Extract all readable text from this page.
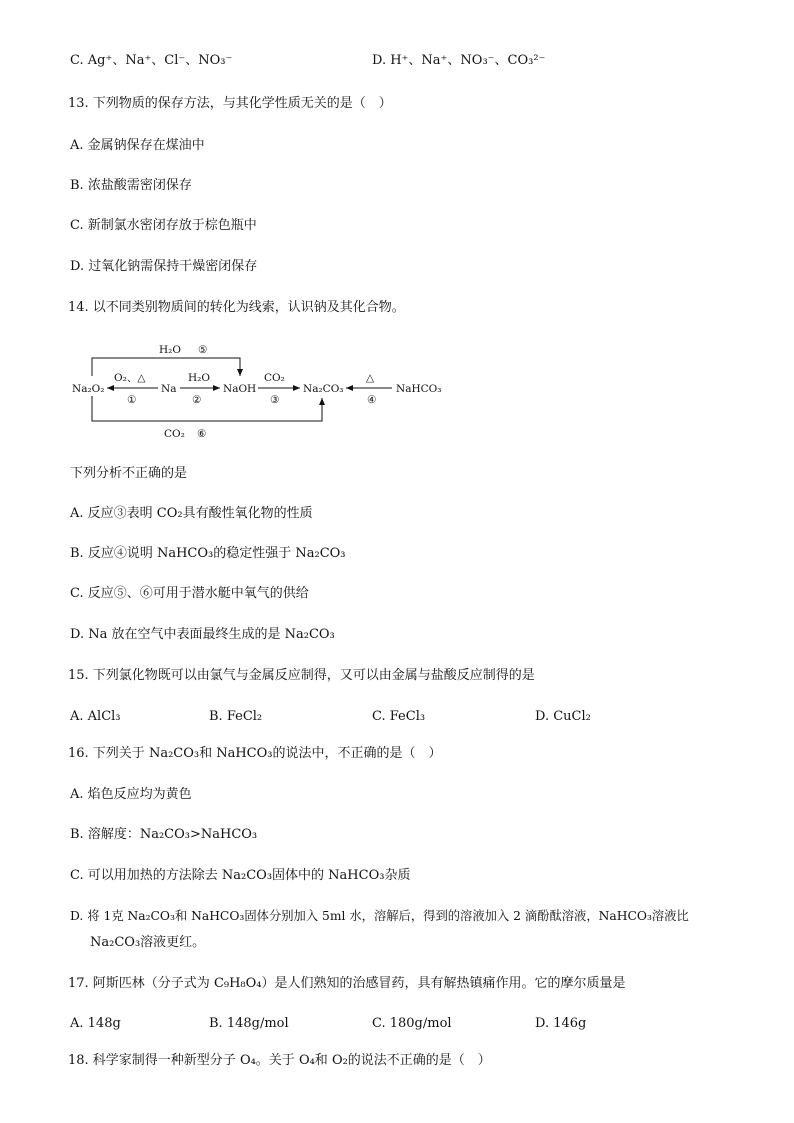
C. Ag⁺、Na⁺、Cl⁻、NO₃⁻	D. H⁺、Na⁺、NO₃⁻、CO₃²⁻
13. 下列物质的保存方法，与其化学性质无关的是（　）
A. 金属钠保存在煤油中
B. 浓盐酸需密闭保存
C. 新制氯水密闭存放于棕色瓶中
D. 过氧化钠需保持干燥密闭保存
14. 以不同类别物质间的转化为线索，认识钠及其化合物。
Na₂O₂	Na	NaOH	Na₂CO₃	NaHCO₃
O₂、△
①
H₂O
②
CO₂
③
△
④
H₂O ⑤
CO₂ ⑥
下列分析不正确的是
A. 反应③表明 CO₂具有酸性氧化物的性质
B. 反应④说明 NaHCO₃的稳定性强于 Na₂CO₃
C. 反应⑤、⑥可用于潜水艇中氧气的供给
D. Na 放在空气中表面最终生成的是 Na₂CO₃
15. 下列氯化物既可以由氯气与金属反应制得，又可以由金属与盐酸反应制得的是
A. AlCl₃	B. FeCl₂	C. FeCl₃	D. CuCl₂
16. 下列关于 Na₂CO₃和 NaHCO₃的说法中，不正确的是（　）
A. 焰色反应均为黄色
B. 溶解度：Na₂CO₃>NaHCO₃
C. 可以用加热的方法除去 Na₂CO₃固体中的 NaHCO₃杂质
D. 将 1克 Na₂CO₃和 NaHCO₃固体分别加入 5ml 水，溶解后，得到的溶液加入 2 滴酚酞溶液，NaHCO₃溶液比
Na₂CO₃溶液更红。
17. 阿斯匹林（分子式为 C₉H₈O₄）是人们熟知的治感冒药，具有解热镇痛作用。它的摩尔质量是
A. 148g	B. 148g/mol	C. 180g/mol	D. 146g
18. 科学家制得一种新型分子 O₄。关于 O₄和 O₂的说法不正确的是（　）
